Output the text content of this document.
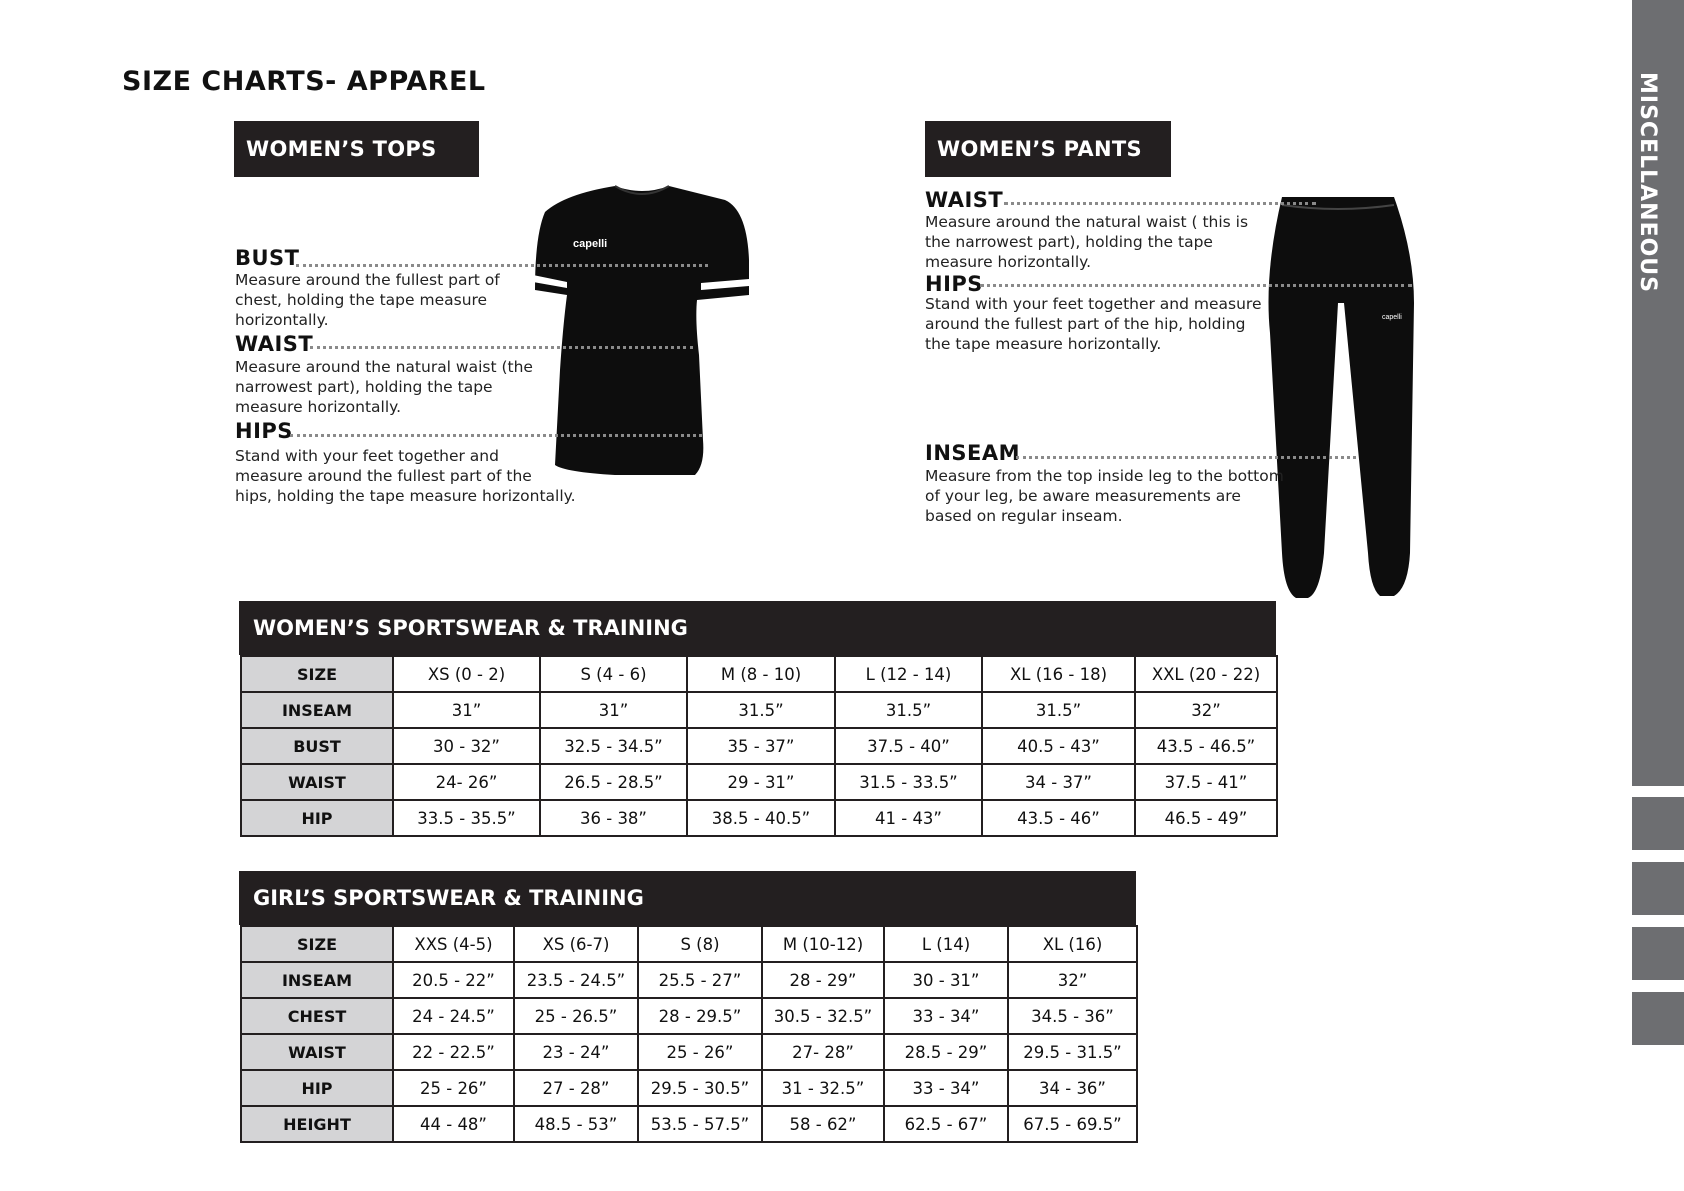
SIZE CHARTS- APPAREL	MISCELLANEOUS
WOMEN’S TOPS
capelli
BUST
Measure around the fullest part of
chest, holding the tape measure
horizontally.
WAIST
Measure around the natural waist (the
narrowest part), holding the tape
measure horizontally.
HIPS
Stand with your feet together and
measure around the fullest part of the
hips, holding the tape measure horizontally.
WOMEN’S PANTS
capelli
WAIST
Measure around the natural waist ( this is
the narrowest part), holding the tape
measure horizontally.
HIPS
Stand with your feet together and measure
around the fullest part of the hip, holding
the tape measure horizontally.
INSEAM
Measure from the top inside leg to the bottom
of your leg, be aware measurements are
based on regular inseam.
WOMEN’S SPORTSWEAR & TRAINING
SIZE	XS (0 - 2)	S (4 - 6)	M (8 - 10)	L (12 - 14)	XL (16 - 18)	XXL (20 - 22)
INSEAM	31”	31”	31.5”	31.5”	31.5”	32”
BUST	30 - 32”	32.5 - 34.5”	35 - 37”	37.5 - 40”	40.5 - 43”	43.5 - 46.5”
WAIST	24- 26”	26.5 - 28.5”	29 - 31”	31.5 - 33.5”	34 - 37”	37.5 - 41”
HIP	33.5 - 35.5”	36 - 38”	38.5 - 40.5”	41 - 43”	43.5 - 46”	46.5 - 49”
GIRL’S SPORTSWEAR & TRAINING
SIZE	XXS (4-5)	XS (6-7)	S (8)	M (10-12)	L (14)	XL (16)
INSEAM	20.5 - 22”	23.5 - 24.5”	25.5 - 27”	28 - 29”	30 - 31”	32”
CHEST	24 - 24.5”	25 - 26.5”	28 - 29.5”	30.5 - 32.5”	33 - 34”	34.5 - 36”
WAIST	22 - 22.5”	23 - 24”	25 - 26”	27- 28”	28.5 - 29”	29.5 - 31.5”
HIP	25 - 26”	27 - 28”	29.5 - 30.5”	31 - 32.5”	33 - 34”	34 - 36”
HEIGHT	44 - 48”	48.5 - 53”	53.5 - 57.5”	58 - 62”	62.5 - 67”	67.5 - 69.5”
